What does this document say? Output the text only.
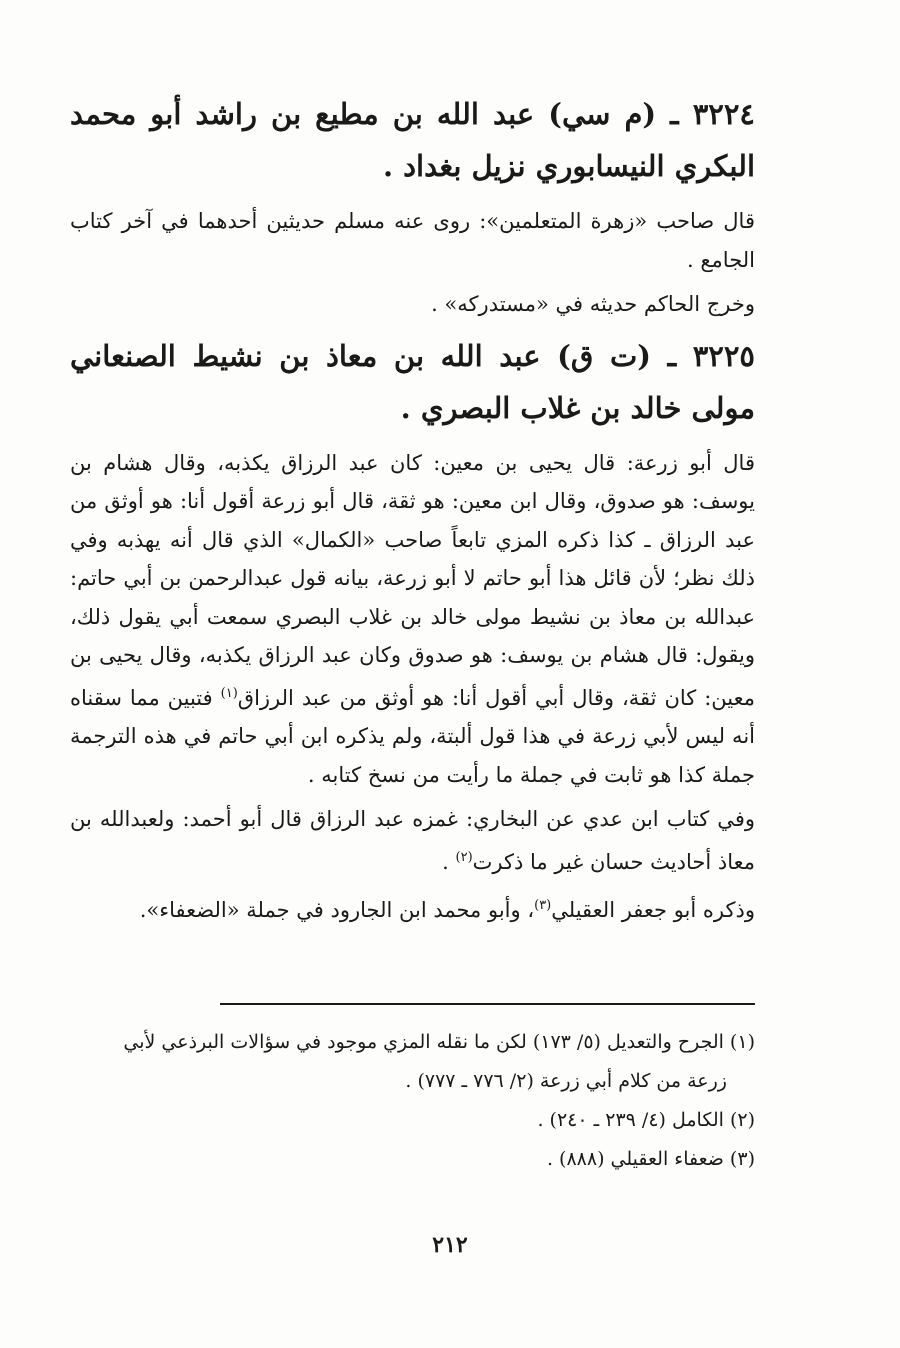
٣٢٢٤ ـ (م سي) عبد الله بن مطيع بن راشد أبو محمد البكري النيسابوري نزيل بغداد .

قال صاحب «زهرة المتعلمين»: روى عنه مسلم حديثين أحدهما في آخر كتاب الجامع .

وخرج الحاكم حديثه في «مستدركه» .

٣٢٢٥ ـ (ت ق) عبد الله بن معاذ بن نشيط الصنعاني مولى خالد بن غلاب البصري .

قال أبو زرعة: قال يحيى بن معين: كان عبد الرزاق يكذبه، وقال هشام بن يوسف: هو صدوق، وقال ابن معين: هو ثقة، قال أبو زرعة أقول أنا: هو أوثق من عبد الرزاق ـ كذا ذكره المزي تابعاً صاحب «الكمال» الذي قال أنه يهذبه وفي ذلك نظر؛ لأن قائل هذا أبو حاتم لا أبو زرعة، بيانه قول عبدالرحمن بن أبي حاتم: عبدالله بن معاذ بن نشيط مولى خالد بن غلاب البصري سمعت أبي يقول ذلك، ويقول: قال هشام بن يوسف: هو صدوق وكان عبد الرزاق يكذبه، وقال يحيى بن معين: كان ثقة، وقال أبي أقول أنا: هو أوثق من عبد الرزاق$^{(١)}$ فتبين مما سقناه أنه ليس لأبي زرعة في هذا قول ألبتة، ولم يذكره ابن أبي حاتم في هذه الترجمة جملة كذا هو ثابت في جملة ما رأيت من نسخ كتابه .

وفي كتاب ابن عدي عن البخاري: غمزه عبد الرزاق قال أبو أحمد: ولعبدالله بن معاذ أحاديث حسان غير ما ذكرت$^{(٢)}$ .

وذكره أبو جعفر العقيلي$^{(٣)}$، وأبو محمد ابن الجارود في جملة «الضعفاء».

(١) الجرح والتعديل (٥/ ١٧٣) لكن ما نقله المزي موجود في سؤالات البرذعي لأبي

زرعة من كلام أبي زرعة (٢/ ٧٧٦ ـ ٧٧٧) .

(٢) الكامل (٤/ ٢٣٩ ـ ٢٤٠) .

(٣) ضعفاء العقيلي (٨٨٨) .

٢١٢
